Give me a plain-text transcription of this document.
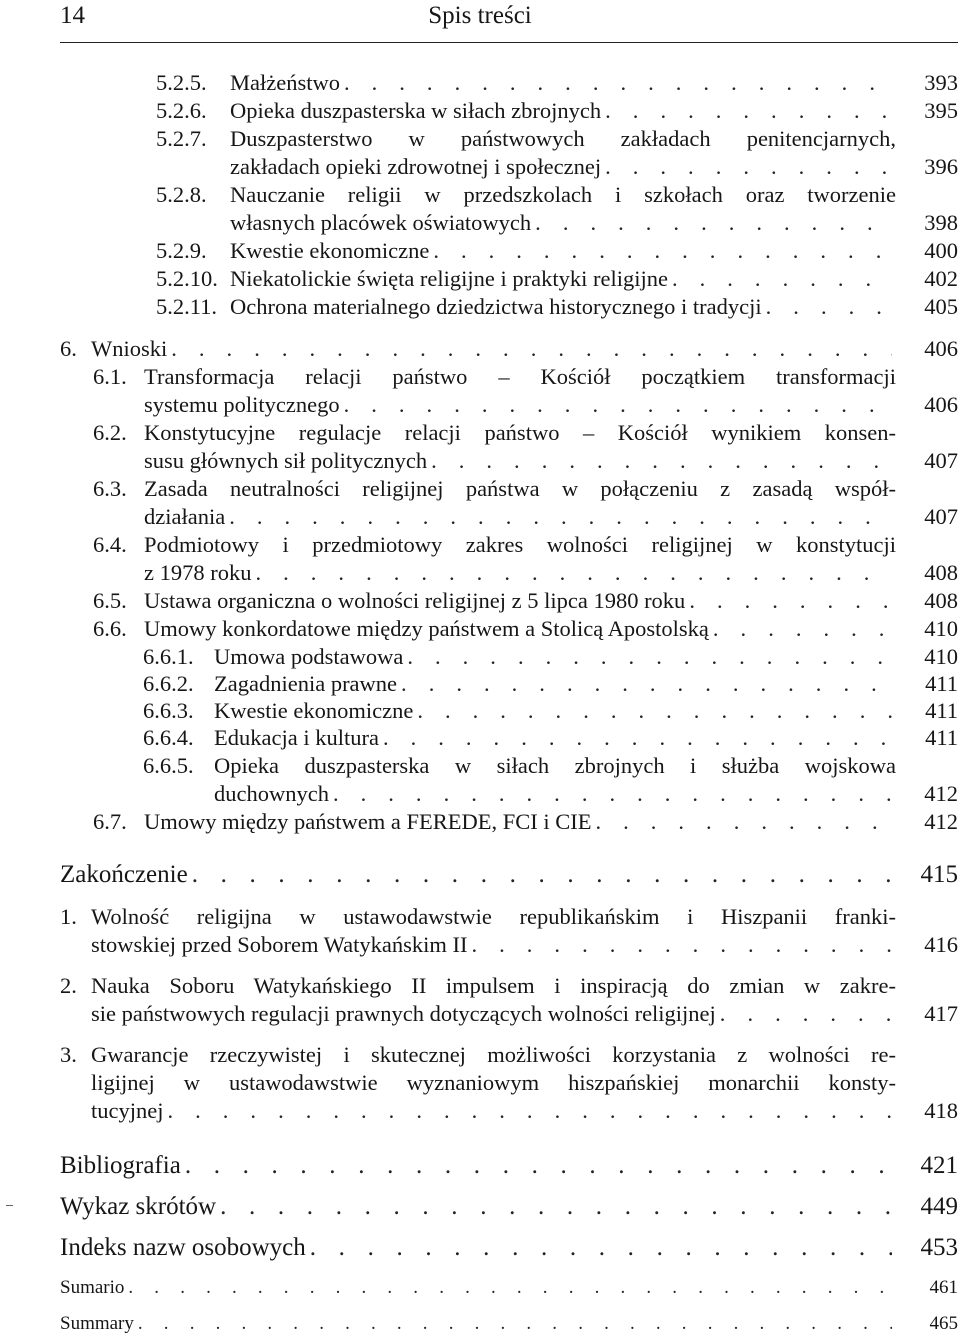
14	Spis treści
5.2.5. Małżeństwo . . .	393
5.2.6. Opieka duszpasterska w siłach zbrojnych . . .	395
5.2.7. Duszpasterstwo w państwowych zakładach penitencjarnych,
zakładach opieki zdrowotnej i społecznej . . .	396
5.2.8. Nauczanie religii w przedszkolach i szkołach oraz tworzenie
własnych placówek oświatowych . . .	398
5.2.9. Kwestie ekonomiczne . . .	400
5.2.10. Niekatolickie święta religijne i praktyki religijne . . .	402
5.2.11. Ochrona materialnego dziedzictwa historycznego i tradycji . . .	405
6. Wnioski . . .	406
6.1. Transformacja relacji państwo – Kościół początkiem transformacji
systemu politycznego . . .	406
6.2. Konstytucyjne regulacje relacji państwo – Kościół wynikiem konsen-
susu głównych sił politycznych . . .	407
6.3. Zasada neutralności religijnej państwa w połączeniu z zasadą współ-
działania . . .	407
6.4. Podmiotowy i przedmiotowy zakres wolności religijnej w konstytucji
z 1978 roku . . .	408
6.5. Ustawa organiczna o wolności religijnej z 5 lipca 1980 roku . . .	408
6.6. Umowy konkordatowe między państwem a Stolicą Apostolską . . .	410
6.6.1. Umowa podstawowa . . .	410
6.6.2. Zagadnienia prawne . . .	411
6.6.3. Kwestie ekonomiczne . . .	411
6.6.4. Edukacja i kultura . . .	411
6.6.5. Opieka duszpasterska w siłach zbrojnych i służba wojskowa
duchownych . . .	412
6.7. Umowy między państwem a FEREDE, FCI i CIE . . .	412
Zakończenie . . .	415
1. Wolność religijna w ustawodawstwie republikańskim i Hiszpanii franki-
stowskiej przed Soborem Watykańskim II . . .	416
2. Nauka Soboru Watykańskiego II impulsem i inspiracją do zmian w zakre-
sie państwowych regulacji prawnych dotyczących wolności religijnej . . .	417
3. Gwarancje rzeczywistej i skutecznej możliwości korzystania z wolności re-
ligijnej w ustawodawstwie wyznaniowym hiszpańskiej monarchii konsty-
tucyjnej . . .	418
Bibliografia . . .	421
Wykaz skrótów . . .	449
Indeks nazw osobowych . . .	453
Sumario . . .	461
Summary . . .	465
